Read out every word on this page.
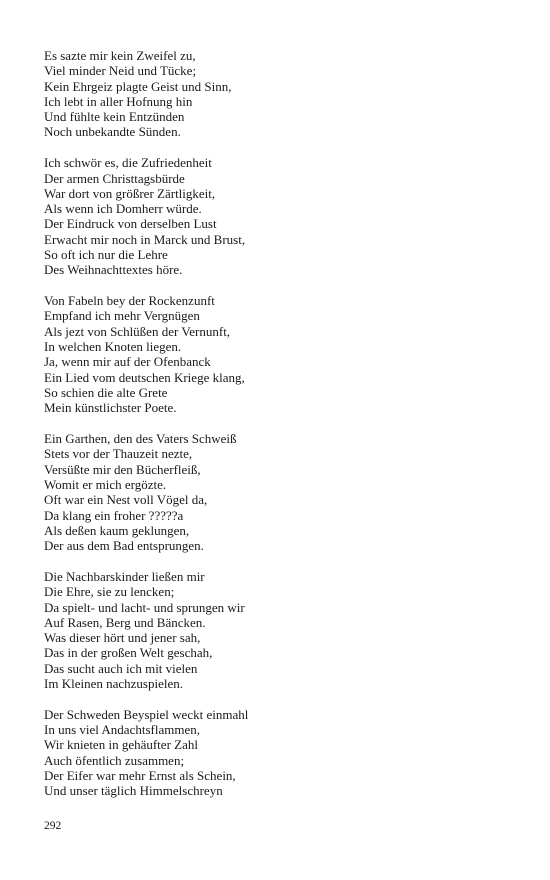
Es sazte mir kein Zweifel zu,
Viel minder Neid und Tücke;
Kein Ehrgeiz plagte Geist und Sinn,
Ich lebt in aller Hofnung hin
Und fühlte kein Entzünden
Noch unbekandte Sünden.
Ich schwör es, die Zufriedenheit
Der armen Christtagsbürde
War dort von größrer Zärtligkeit,
Als wenn ich Domherr würde.
Der Eindruck von derselben Lust
Erwacht mir noch in Marck und Brust,
So oft ich nur die Lehre
Des Weihnachttextes höre.
Von Fabeln bey der Rockenzunft
Empfand ich mehr Vergnügen
Als jezt von Schlüßen der Vernunft,
In welchen Knoten liegen.
Ja, wenn mir auf der Ofenbanck
Ein Lied vom deutschen Kriege klang,
So schien die alte Grete
Mein künstlichster Poete.
Ein Garthen, den des Vaters Schweiß
Stets vor der Thauzeit nezte,
Versüßte mir den Bücherfleiß,
Womit er mich ergözte.
Oft war ein Nest voll Vögel da,
Da klang ein froher ?????a
Als deßen kaum geklungen,
Der aus dem Bad entsprungen.
Die Nachbarskinder ließen mir
Die Ehre, sie zu lencken;
Da spielt- und lacht- und sprungen wir
Auf Rasen, Berg und Bäncken.
Was dieser hört und jener sah,
Das in der großen Welt geschah,
Das sucht auch ich mit vielen
Im Kleinen nachzuspielen.
Der Schweden Beyspiel weckt einmahl
In uns viel Andachtsflammen,
Wir knieten in gehäufter Zahl
Auch öfentlich zusammen;
Der Eifer war mehr Ernst als Schein,
Und unser täglich Himmelschreyn
292
